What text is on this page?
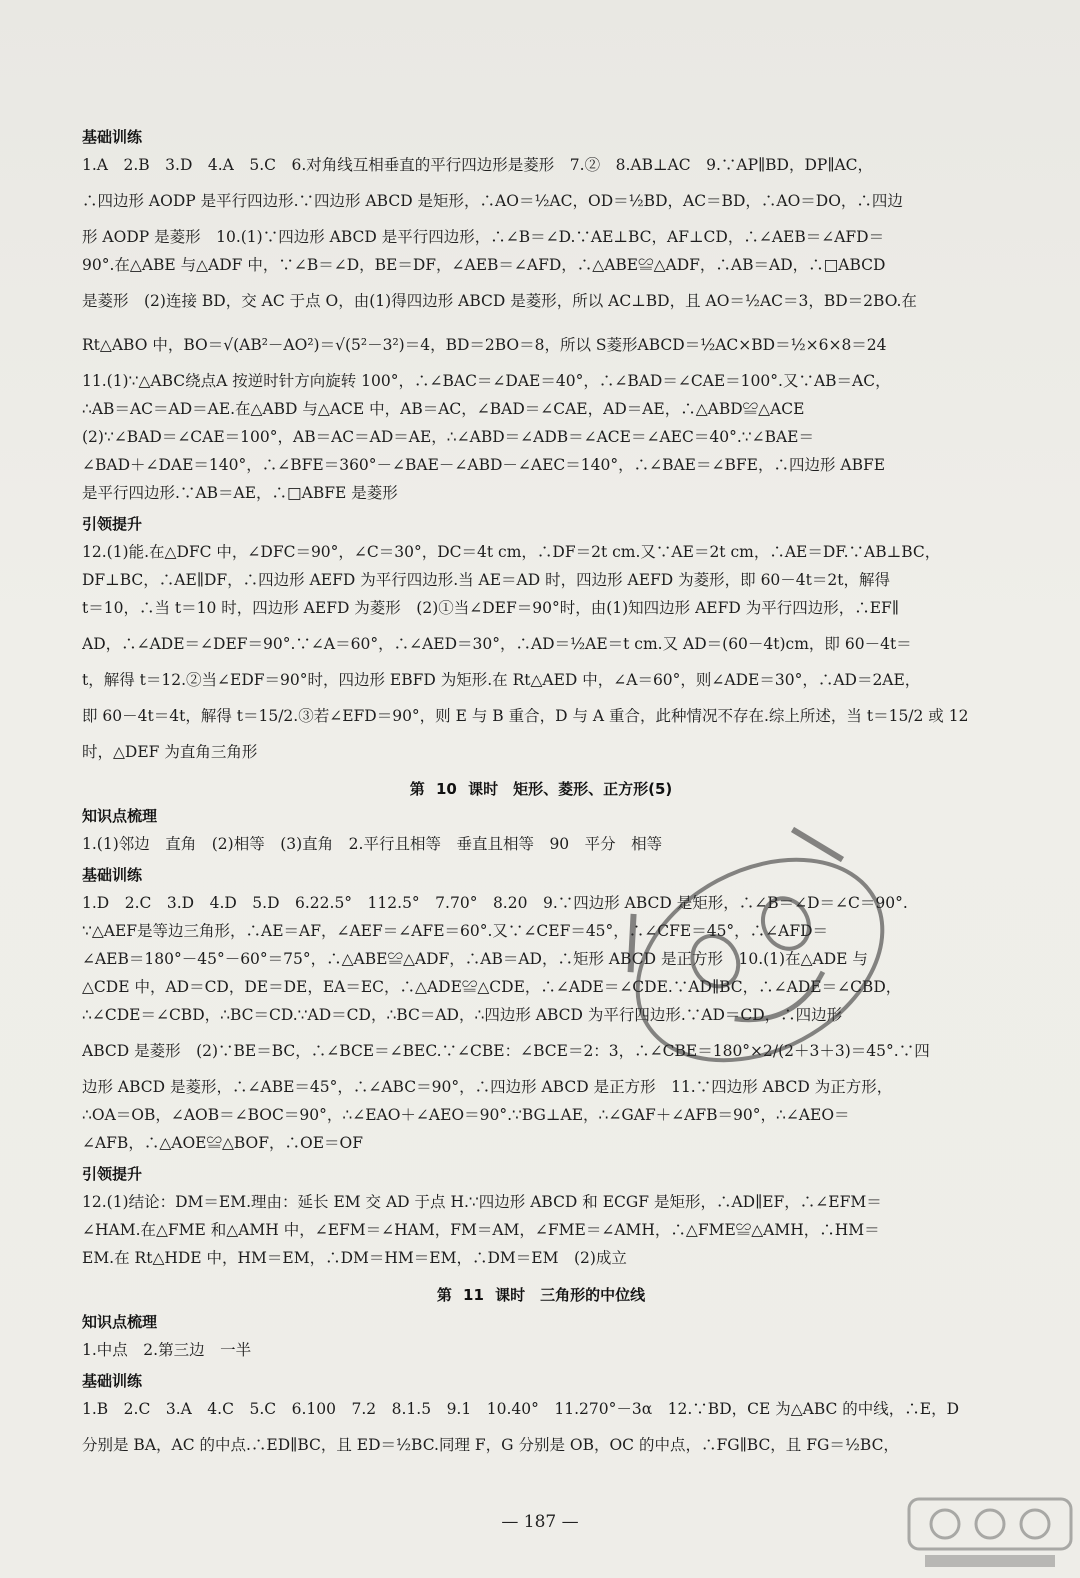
基础训练

1.A　2.B　3.D　4.A　5.C　6.对角线互相垂直的平行四边形是菱形　7.②　8.AB⊥AC　9.∵AP∥BD，DP∥AC，

∴四边形 AODP 是平行四边形.∵四边形 ABCD 是矩形，∴AO＝½AC，OD＝½BD，AC＝BD，∴AO＝DO，∴四边

形 AODP 是菱形　10.(1)∵四边形 ABCD 是平行四边形，∴∠B＝∠D.∵AE⊥BC，AF⊥CD，∴∠AEB＝∠AFD＝

90°.在△ABE 与△ADF 中，∵∠B＝∠D，BE＝DF，∠AEB＝∠AFD，∴△ABE≌△ADF，∴AB＝AD，∴□ABCD

是菱形　(2)连接 BD，交 AC 于点 O，由(1)得四边形 ABCD 是菱形，所以 AC⊥BD，且 AO＝½AC＝3，BD＝2BO.在

Rt△ABO 中，BO＝√(AB²－AO²)＝√(5²－3²)＝4，BD＝2BO＝8，所以 S菱形ABCD＝½AC×BD＝½×6×8＝24

11.(1)∵△ABC绕点A 按逆时针方向旋转 100°，∴∠BAC＝∠DAE＝40°，∴∠BAD＝∠CAE＝100°.又∵AB＝AC，

∴AB＝AC＝AD＝AE.在△ABD 与△ACE 中，AB＝AC，∠BAD＝∠CAE，AD＝AE，∴△ABD≌△ACE

(2)∵∠BAD＝∠CAE＝100°，AB＝AC＝AD＝AE，∴∠ABD＝∠ADB＝∠ACE＝∠AEC＝40°.∵∠BAE＝

∠BAD＋∠DAE＝140°，∴∠BFE＝360°－∠BAE－∠ABD－∠AEC＝140°，∴∠BAE＝∠BFE，∴四边形 ABFE

是平行四边形.∵AB＝AE，∴□ABFE 是菱形

引领提升

12.(1)能.在△DFC 中，∠DFC＝90°，∠C＝30°，DC＝4t cm，∴DF＝2t cm.又∵AE＝2t cm，∴AE＝DF.∵AB⊥BC，

DF⊥BC，∴AE∥DF，∴四边形 AEFD 为平行四边形.当 AE＝AD 时，四边形 AEFD 为菱形，即 60－4t＝2t，解得

t＝10，∴当 t＝10 时，四边形 AEFD 为菱形　(2)①当∠DEF＝90°时，由(1)知四边形 AEFD 为平行四边形，∴EF∥

AD，∴∠ADE＝∠DEF＝90°.∵∠A＝60°，∴∠AED＝30°，∴AD＝½AE＝t cm.又 AD＝(60－4t)cm，即 60－4t＝

t，解得 t＝12.②当∠EDF＝90°时，四边形 EBFD 为矩形.在 Rt△AED 中，∠A＝60°，则∠ADE＝30°，∴AD＝2AE，

即 60－4t＝4t，解得 t＝15/2.③若∠EFD＝90°，则 E 与 B 重合，D 与 A 重合，此种情况不存在.综上所述，当 t＝15/2 或 12

时，△DEF 为直角三角形

第 10 课时　矩形、菱形、正方形(5)
知识点梳理

1.(1)邻边　直角　(2)相等　(3)直角　2.平行且相等　垂直且相等　90　平分　相等

基础训练

1.D　2.C　3.D　4.D　5.D　6.22.5°　112.5°　7.70°　8.20　9.∵四边形 ABCD 是矩形，∴∠B＝∠D＝∠C＝90°.

∵△AEF是等边三角形，∴AE＝AF，∠AEF＝∠AFE＝60°.又∵∠CEF＝45°，∴∠CFE＝45°，∴∠AFD＝

∠AEB＝180°－45°－60°＝75°，∴△ABE≌△ADF，∴AB＝AD，∴矩形 ABCD 是正方形　10.(1)在△ADE 与

△CDE 中，AD＝CD，DE＝DE，EA＝EC，∴△ADE≌△CDE，∴∠ADE＝∠CDE.∵AD∥BC，∴∠ADE＝∠CBD，

∴∠CDE＝∠CBD，∴BC＝CD.∵AD＝CD，∴BC＝AD，∴四边形 ABCD 为平行四边形.∵AD＝CD，∴四边形

ABCD 是菱形　(2)∵BE＝BC，∴∠BCE＝∠BEC.∵∠CBE：∠BCE＝2：3，∴∠CBE＝180°×2/(2＋3＋3)＝45°.∵四

边形 ABCD 是菱形，∴∠ABE＝45°，∴∠ABC＝90°，∴四边形 ABCD 是正方形　11.∵四边形 ABCD 为正方形，

∴OA＝OB，∠AOB＝∠BOC＝90°，∴∠EAO＋∠AEO＝90°.∵BG⊥AE，∴∠GAF＋∠AFB＝90°，∴∠AEO＝

∠AFB，∴△AOE≌△BOF，∴OE＝OF

引领提升

12.(1)结论：DM＝EM.理由：延长 EM 交 AD 于点 H.∵四边形 ABCD 和 ECGF 是矩形，∴AD∥EF，∴∠EFM＝

∠HAM.在△FME 和△AMH 中，∠EFM＝∠HAM，FM＝AM，∠FME＝∠AMH，∴△FME≌△AMH，∴HM＝

EM.在 Rt△HDE 中，HM＝EM，∴DM＝HM＝EM，∴DM＝EM　(2)成立

第 11 课时　三角形的中位线
知识点梳理

1.中点　2.第三边　一半

基础训练

1.B　2.C　3.A　4.C　5.C　6.100　7.2　8.1.5　9.1　10.40°　11.270°－3α　12.∵BD，CE 为△ABC 的中线，∴E，D

分别是 BA，AC 的中点.∴ED∥BC，且 ED＝½BC.同理 F，G 分别是 OB，OC 的中点，∴FG∥BC，且 FG＝½BC，

— 187 —
